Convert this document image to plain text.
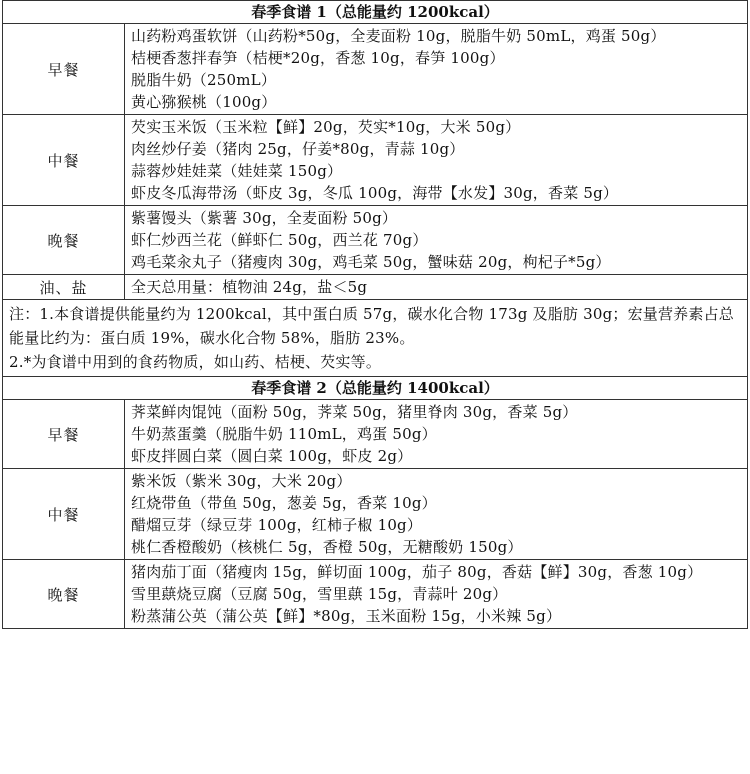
春季食谱 1（总能量约 1200kcal）	
早餐	山药粉鸡蛋软饼（山药粉*50g，全麦面粉 10g，脱脂牛奶 50mL，鸡蛋 50g）
桔梗香葱拌春笋（桔梗*20g，香葱 10g，春笋 100g）
脱脂牛奶（250mL）
黄心猕猴桃（100g）

中餐	芡实玉米饭（玉米粒【鲜】20g，芡实*10g，大米 50g）
肉丝炒仔姜（猪肉 25g，仔姜*80g，青蒜 10g）
蒜蓉炒娃娃菜（娃娃菜 150g）
虾皮冬瓜海带汤（虾皮 3g，冬瓜 100g，海带【水发】30g，香菜 5g）

晚餐	紫薯馒头（紫薯 30g，全麦面粉 50g）
虾仁炒西兰花（鲜虾仁 50g，西兰花 70g）
鸡毛菜汆丸子（猪瘦肉 30g，鸡毛菜 50g，蟹味菇 20g，枸杞子*5g）

油、盐	全天总用量：植物油 24g，盐＜5g

注：1.本食谱提供能量约为 1200kcal，其中蛋白质 57g，碳水化合物 173g 及脂肪 30g；宏量营养素占总能量比约为：蛋白质 19%，碳水化合物 58%，脂肪 23%。
2.*为食谱中用到的食药物质，如山药、桔梗、芡实等。	

春季食谱 2（总能量约 1400kcal）	
早餐	荠菜鲜肉馄饨（面粉 50g，荠菜 50g，猪里脊肉 30g，香菜 5g）
牛奶蒸蛋羹（脱脂牛奶 110mL，鸡蛋 50g）
虾皮拌圆白菜（圆白菜 100g，虾皮 2g）

中餐	紫米饭（紫米 30g，大米 20g）
红烧带鱼（带鱼 50g，葱姜 5g，香菜 10g）
醋熘豆芽（绿豆芽 100g，红柿子椒 10g）
桃仁香橙酸奶（核桃仁 5g，香橙 50g，无糖酸奶 150g）

晚餐	猪肉茄丁面（猪瘦肉 15g，鲜切面 100g，茄子 80g，香菇【鲜】30g，香葱 10g）
雪里蕻烧豆腐（豆腐 50g，雪里蕻 15g，青蒜叶 20g）
粉蒸蒲公英（蒲公英【鲜】*80g，玉米面粉 15g，小米辣 5g）
